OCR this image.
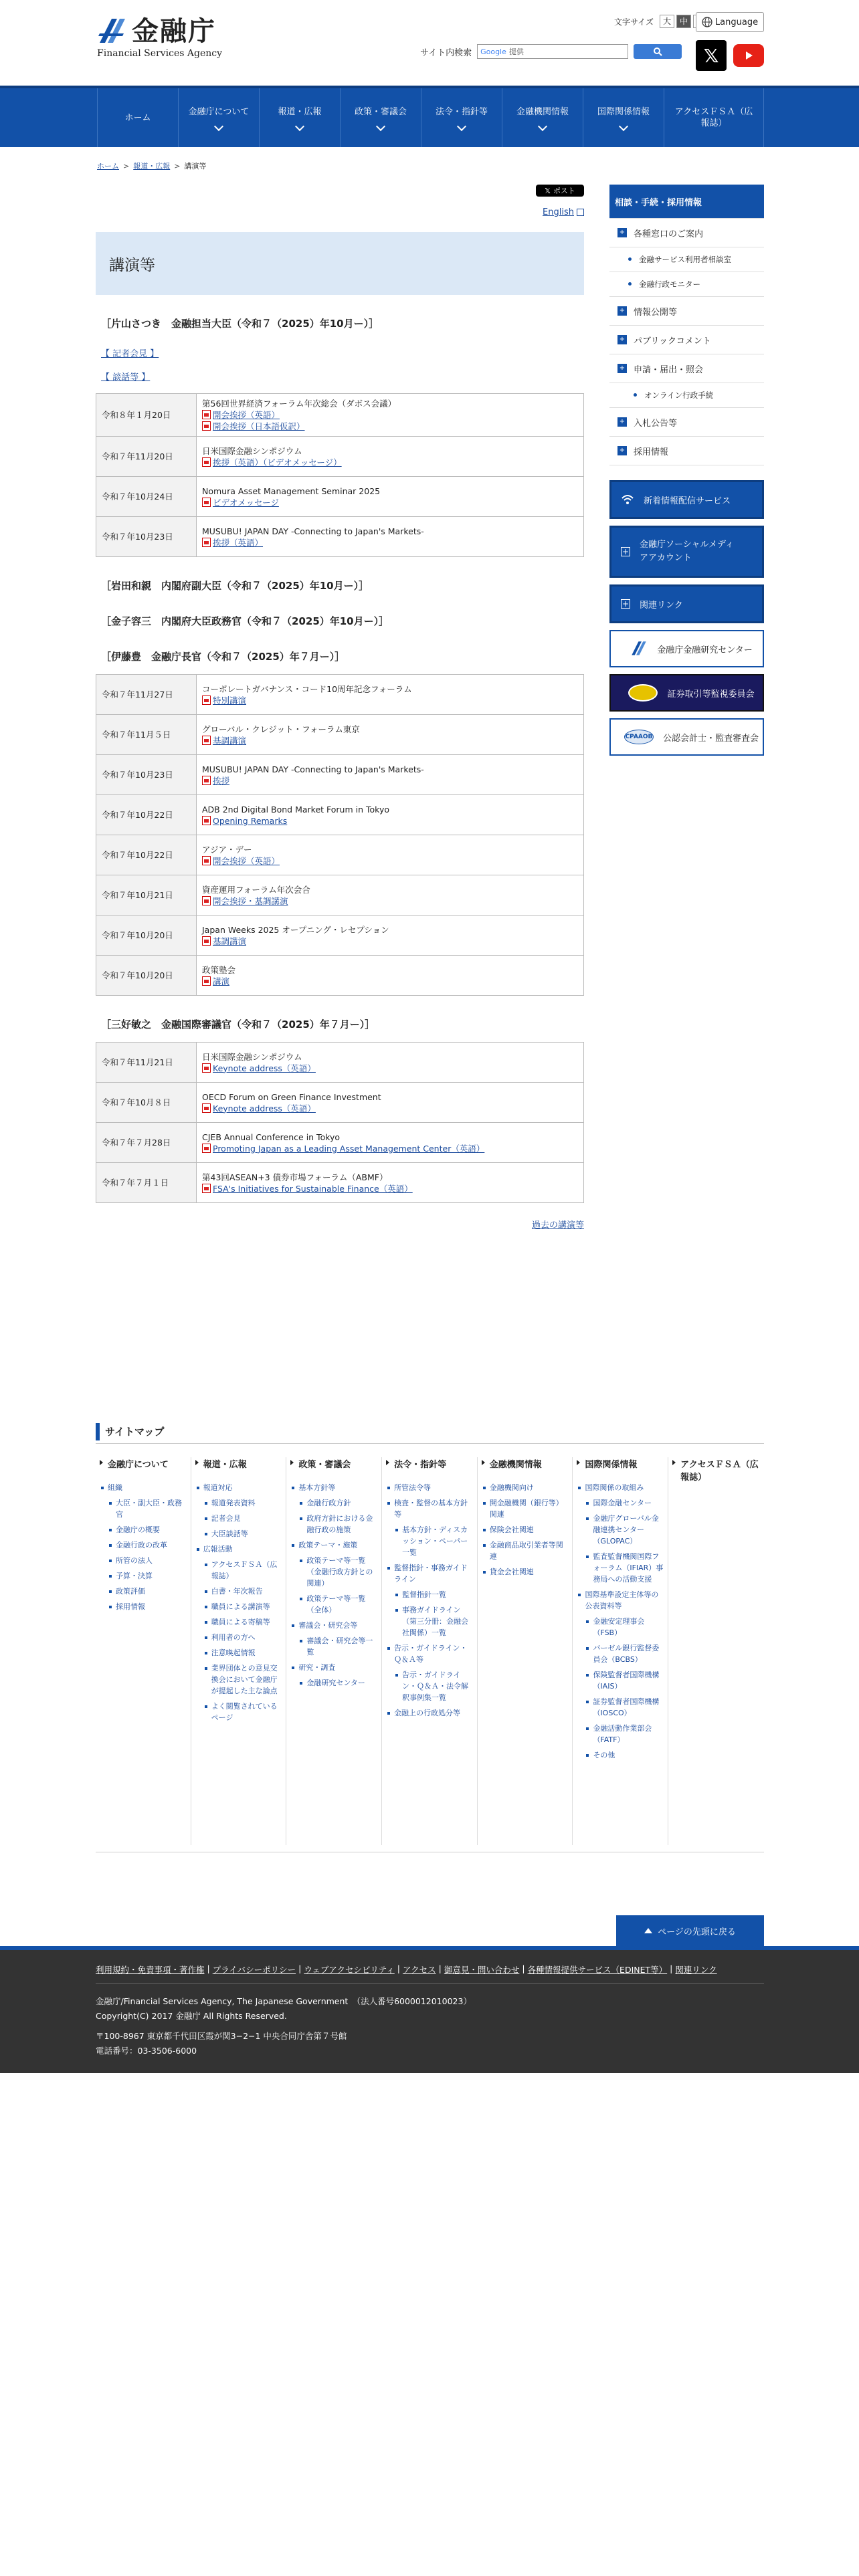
金融庁
Financial Services Agency
文字サイズ	大	中	Language
サイト内検索 Google 提供	𝕏
ホーム
金融庁について	報道・広報	政策・審議会	法令・指針等	金融機関情報	国際関係情報	アクセスＦＳＡ（広報誌）
ホーム > 報道・広報 > 講演等
𝕏 ポスト
English
講演等
［片山さつき　金融担当大臣（令和７（2025）年10月ー）］
【 記者会見 】
【 談話等 】
令和８年１月20日	第56回世界経済フォーラム年次総会（ダボス会議）
開会挨拶（英語）
開会挨拶（日本語仮訳）

令和７年11月20日	日米国際金融シンポジウム
挨拶（英語）（ビデオメッセージ）

令和７年10月24日	Nomura Asset Management Seminar 2025
ビデオメッセージ

令和７年10月23日	MUSUBU! JAPAN DAY -Connecting to Japan's Markets-
挨拶（英語）
［岩田和親　内閣府副大臣（令和７（2025）年10月ー）］
［金子容三　内閣府大臣政務官（令和７（2025）年10月ー）］
［伊藤豊　金融庁長官（令和７（2025）年７月ー）］
令和７年11月27日	コーポレートガバナンス・コード10周年記念フォーラム
特別講演

令和７年11月５日	グローバル・クレジット・フォーラム東京
基調講演

令和７年10月23日	MUSUBU! JAPAN DAY -Connecting to Japan's Markets-
挨拶

令和７年10月22日	ADB 2nd Digital Bond Market Forum in Tokyo
Opening Remarks

令和７年10月22日	アジア・デー
開会挨拶（英語）

令和７年10月21日	資産運用フォーラム年次会合
開会挨拶・基調講演

令和７年10月20日	Japan Weeks 2025 オープニング・レセプション
基調講演

令和７年10月20日	政策塾会
講演
［三好敏之　金融国際審議官（令和７（2025）年７月ー）］
令和７年11月21日	日米国際金融シンポジウム
Keynote address（英語）

令和７年10月８日	OECD Forum on Green Finance Investment
Keynote address（英語）

令和７年７月28日	CJEB Annual Conference in Tokyo
Promoting Japan as a Leading Asset Management Center（英語）

令和７年７月１日	第43回ASEAN+3 債券市場フォーラム（ABMF）
FSA's Initiatives for Sustainable Finance（英語）
過去の講演等
相談・手続・採用情報
+ 各種窓口のご案内
金融サービス利用者相談室
金融行政モニター
+ 情報公開等
+ パブリックコメント
+ 申請・届出・照会
オンライン行政手続
+ 入札公告等
+ 採用情報
新着情報配信サービス
+
金融庁ソーシャルメディアアカウント
+ 関連リンク
金融庁金融研究センター
証券取引等監視委員会
CPAAOB 公認会計士・監査審査会
サイトマップ
金融庁について
組織
大臣・副大臣・政務官
金融庁の概要
金融行政の改革
所管の法人
予算・決算
政策評価
採用情報
報道・広報
報道対応
報道発表資料
記者会見
大臣談話等
広報活動
アクセスＦＳＡ（広報誌）
白書・年次報告
職員による講演等
職員による寄稿等
利用者の方へ
注意喚起情報
業界団体との意見交換会において金融庁が提起した主な論点
よく閲覧されているページ
政策・審議会
基本方針等
金融行政方針
政府方針における金融行政の施策
政策テーマ・施策
政策テーマ等一覧（金融行政方針との関連）
政策テーマ等一覧（全体）
審議会・研究会等
審議会・研究会等一覧
研究・調査
金融研究センター
法令・指針等
所管法令等
検査・監督の基本方針等
基本方針・ディスカッション・ペーパー一覧
監督指針・事務ガイドライン
監督指針一覧
事務ガイドライン（第三分冊：金融会社関係）一覧
告示・ガイドライン・Ｑ＆Ａ等
告示・ガイドライン・Ｑ＆Ａ・法令解釈事例集一覧
金融上の行政処分等
金融機関情報
金融機関向け
開金融機関（銀行等）関連
保険会社関連
金融商品取引業者等関連
貸金会社関連
国際関係情報
国際関係の取組み
国際金融センター
金融庁グローバル金融連携センター（GLOPAC）
監査監督機関国際フォーラム（IFIAR）事務局への活動支援
国際基準設定主体等の公表資料等
金融安定理事会（FSB）
バーゼル銀行監督委員会（BCBS）
保険監督者国際機構（IAIS）
証券監督者国際機構（IOSCO）
金融活動作業部会（FATF）
その他
アクセスＦＳＡ（広報誌）
ページの先頭に戻る
利用規約・免責事項・著作権 | プライバシーポリシー | ウェブアクセシビリティ | アクセス | 御意見・問い合わせ | 各種情報提供サービス（EDINET等） | 関連リンク
金融庁/Financial Services Agency, The Japanese Government　（法人番号6000012010023）
Copyright(C) 2017 金融庁 All Rights Reserved.
〒100-8967 東京都千代田区霞が関3−2−1 中央合同庁舎第７号館
電話番号：03-3506-6000
